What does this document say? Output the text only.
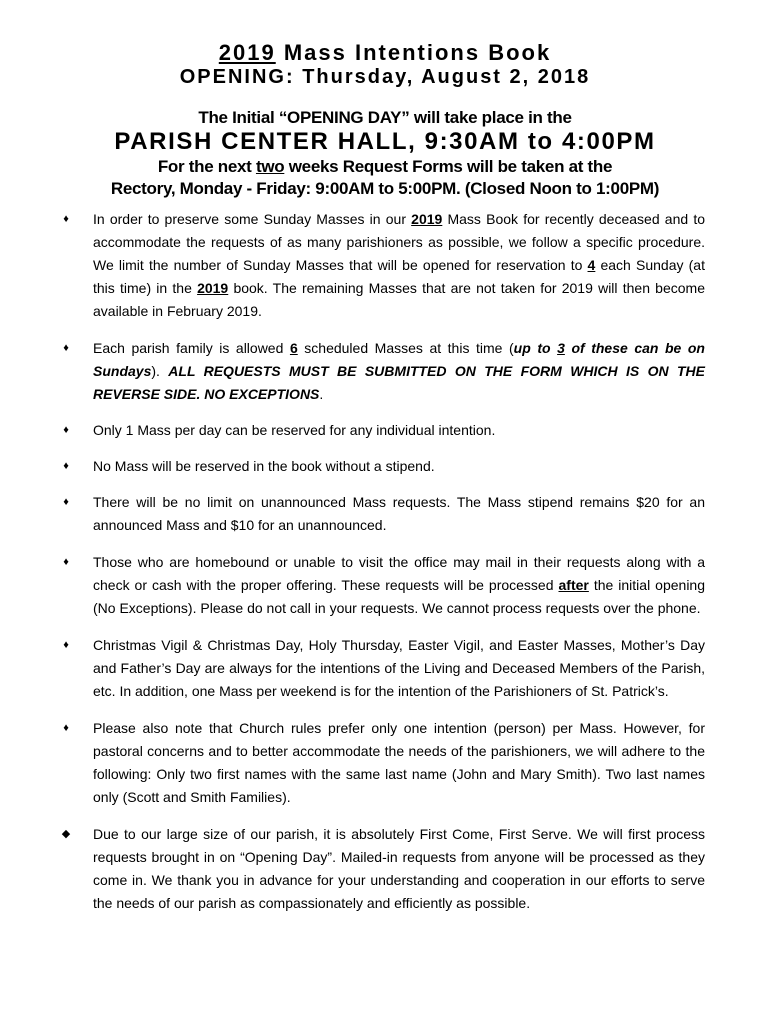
2019 Mass Intentions Book
OPENING: Thursday, August 2, 2018
The Initial “OPENING DAY” will take place in the
PARISH CENTER HALL, 9:30AM to 4:00PM
For the next two weeks Request Forms will be taken at the
Rectory, Monday - Friday: 9:00AM to 5:00PM. (Closed Noon to 1:00PM)
♦ In order to preserve some Sunday Masses in our 2019 Mass Book for recently deceased and to accommodate the requests of as many parishioners as possible, we follow a specific procedure. We limit the number of Sunday Masses that will be opened for reservation to 4 each Sunday (at this time) in the 2019 book. The remaining Masses that are not taken for 2019 will then become available in February 2019.
♦ Each parish family is allowed 6 scheduled Masses at this time (up to 3 of these can be on Sundays). ALL REQUESTS MUST BE SUBMITTED ON THE FORM WHICH IS ON THE REVERSE SIDE. NO EXCEPTIONS.
♦ Only 1 Mass per day can be reserved for any individual intention.
♦ No Mass will be reserved in the book without a stipend.
♦ There will be no limit on unannounced Mass requests. The Mass stipend remains $20 for an announced Mass and $10 for an unannounced.
♦ Those who are homebound or unable to visit the office may mail in their requests along with a check or cash with the proper offering. These requests will be processed after the initial opening (No Exceptions). Please do not call in your requests. We cannot process requests over the phone.
♦ Christmas Vigil & Christmas Day, Holy Thursday, Easter Vigil, and Easter Masses, Mother’s Day and Father’s Day are always for the intentions of the Living and Deceased Members of the Parish, etc. In addition, one Mass per weekend is for the intention of the Parishioners of St. Patrick’s.
♦ Please also note that Church rules prefer only one intention (person) per Mass. However, for pastoral concerns and to better accommodate the needs of the parishioners, we will adhere to the following: Only two first names with the same last name (John and Mary Smith). Two last names only (Scott and Smith Families).
◆ Due to our large size of our parish, it is absolutely First Come, First Serve. We will first process requests brought in on “Opening Day”. Mailed-in requests from anyone will be processed as they come in. We thank you in advance for your understanding and cooperation in our efforts to serve the needs of our parish as compassionately and efficiently as possible.
